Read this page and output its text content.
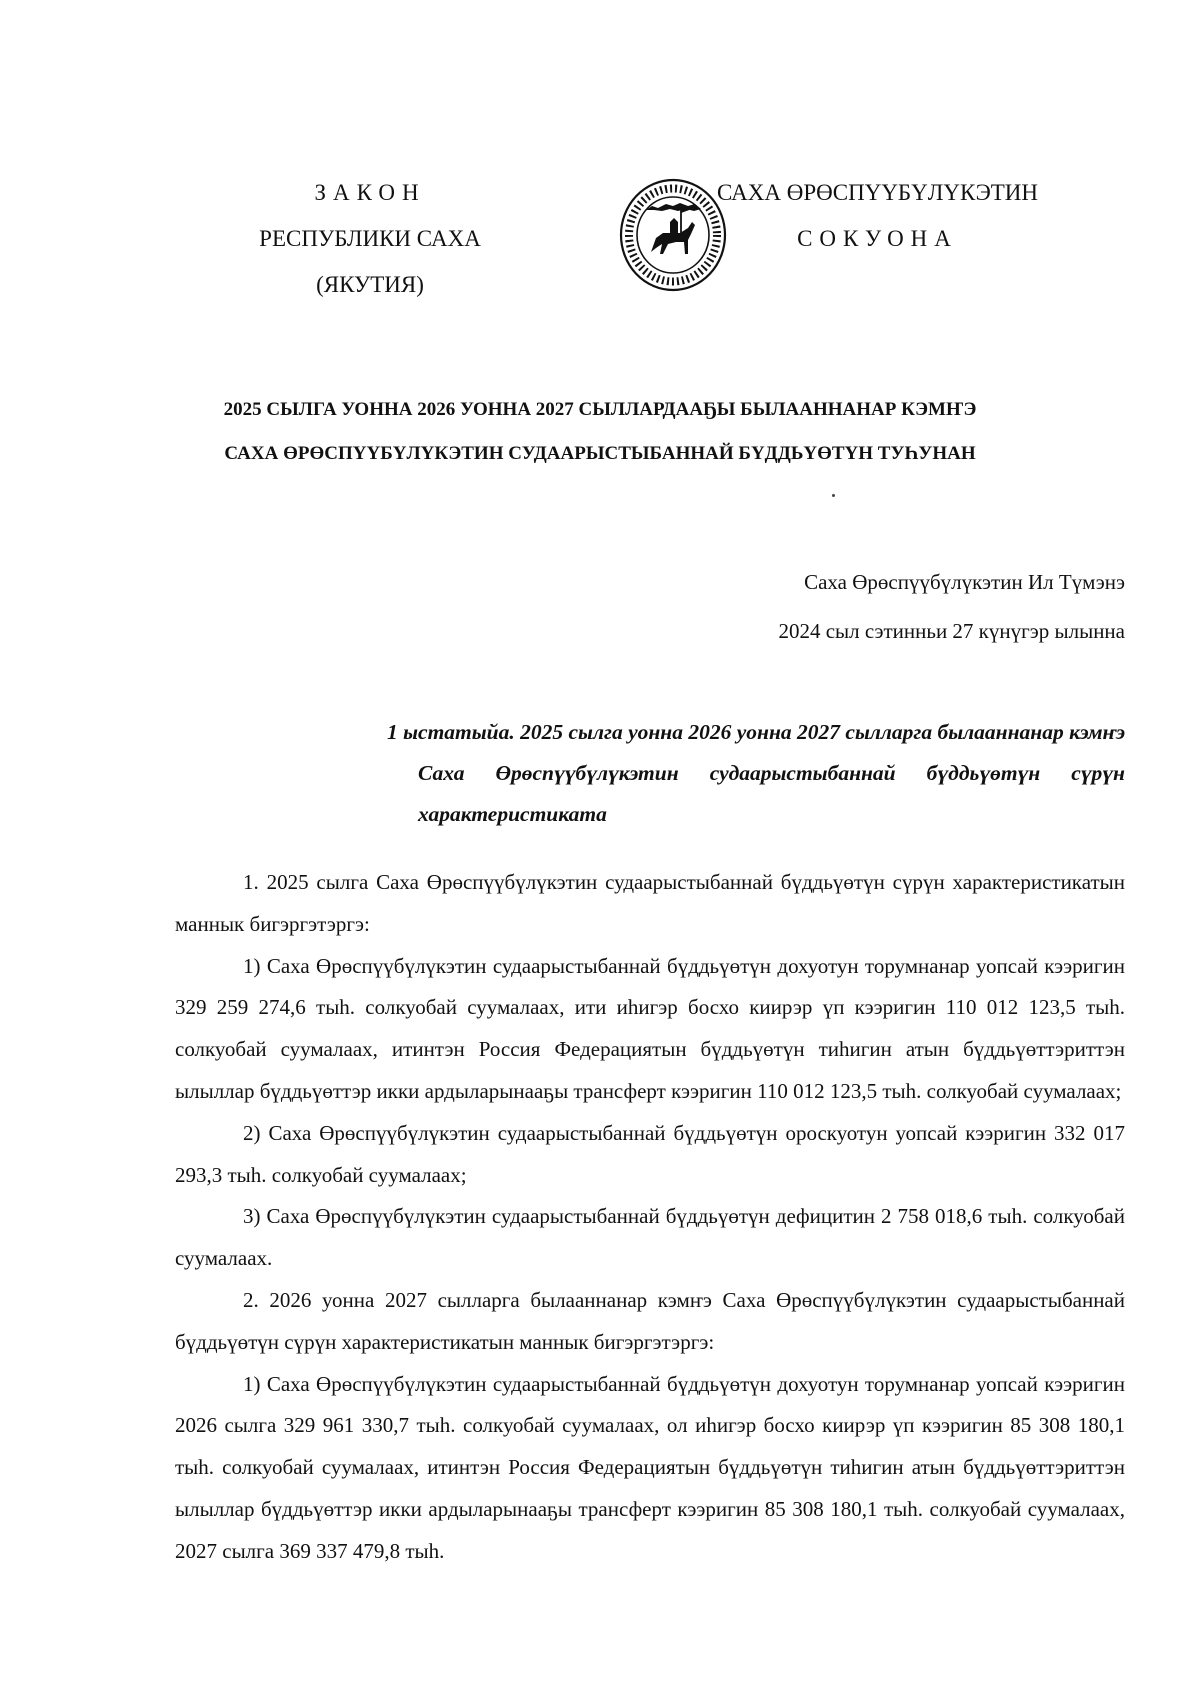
ЗАКОН
РЕСПУБЛИКИ САХА (ЯКУТИЯ)
САХА ӨРӨСПҮҮБҮЛҮКЭТИН
СОКУОНА
2025 СЫЛГА УОННА 2026 УОННА 2027 СЫЛЛАРДААҔЫ БЫЛААННАНАР КЭМҤЭ
САХА ӨРӨСПҮҮБҮЛҮКЭТИН СУДААРЫСТЫБАННАЙ БҮДДЬҮӨТҮН ТУҺУНАН
Саха Өрөспүүбүлүкэтин Ил Түмэнэ
2024 сыл сэтинньи 27 күнүгэр ылынна
1 ыстатыйа. 2025 сылга уонна 2026 уонна 2027 сылларга былааннанар кэмҥэ
Саха Өрөспүүбүлүкэтин судаарыстыбаннай бүддьүөтүн сүрүн характеристиката

1. 2025 сылга Саха Өрөспүүбүлүкэтин судаарыстыбаннай бүддьүөтүн сүрүн характеристикатын маннык бигэргэтэргэ:

1) Саха Өрөспүүбүлүкэтин судаарыстыбаннай бүддьүөтүн дохуотун торумнанар уопсай кээригин 329 259 274,6 тыһ. солкуобай суумалаах, ити иһигэр босхо киирэр үп кээригин 110 012 123,5 тыһ. солкуобай суумалаах, итинтэн Россия Федерациятын бүддьүөтүн тиһигин атын бүддьүөттэриттэн ылыллар бүддьүөттэр икки ардыларынааҕы трансферт кээригин 110 012 123,5 тыһ. солкуобай суумалаах;

2) Саха Өрөспүүбүлүкэтин судаарыстыбаннай бүддьүөтүн ороскуотун уопсай кээригин 332 017 293,3 тыһ. солкуобай суумалаах;

3) Саха Өрөспүүбүлүкэтин судаарыстыбаннай бүддьүөтүн дефицитин 2 758 018,6 тыһ. солкуобай суумалаах.

2. 2026 уонна 2027 сылларга былааннанар кэмҥэ Саха Өрөспүүбүлүкэтин судаарыстыбаннай бүддьүөтүн сүрүн характеристикатын маннык бигэргэтэргэ:

1) Саха Өрөспүүбүлүкэтин судаарыстыбаннай бүддьүөтүн дохуотун торумнанар уопсай кээригин 2026 сылга 329 961 330,7 тыһ. солкуобай суумалаах, ол иһигэр босхо киирэр үп кээригин 85 308 180,1 тыһ. солкуобай суумалаах, итинтэн Россия Федерациятын бүддьүөтүн тиһигин атын бүддьүөттэриттэн ылыллар бүддьүөттэр икки ардыларынааҕы трансферт кээригин 85 308 180,1 тыһ. солкуобай суумалаах, 2027 сылга 369 337 479,8 тыһ.
